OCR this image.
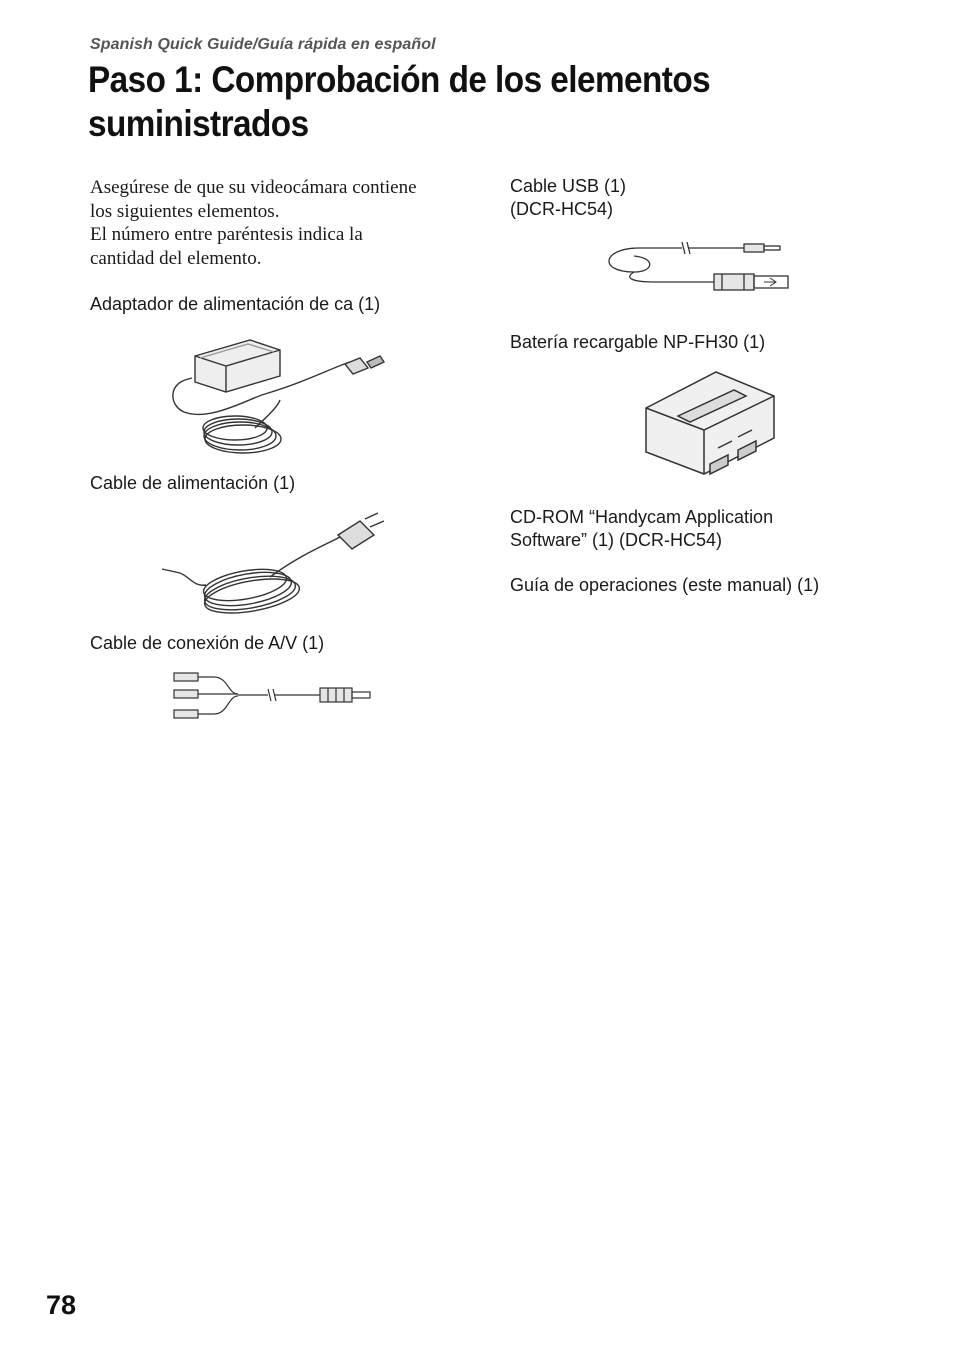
Spanish Quick Guide/Guía rápida en español
Paso 1: Comprobación de los elementos suministrados

Asegúrese de que su videocámara contiene
los siguientes elementos.
El número entre paréntesis indica la
cantidad del elemento.

Adaptador de alimentación de ca (1)

Cable de alimentación (1)

Cable de conexión de A/V (1)

Cable USB (1)
(DCR-HC54)

Batería recargable NP-FH30 (1)

CD-ROM “Handycam Application
Software” (1) (DCR-HC54)

Guía de operaciones (este manual) (1)

78
